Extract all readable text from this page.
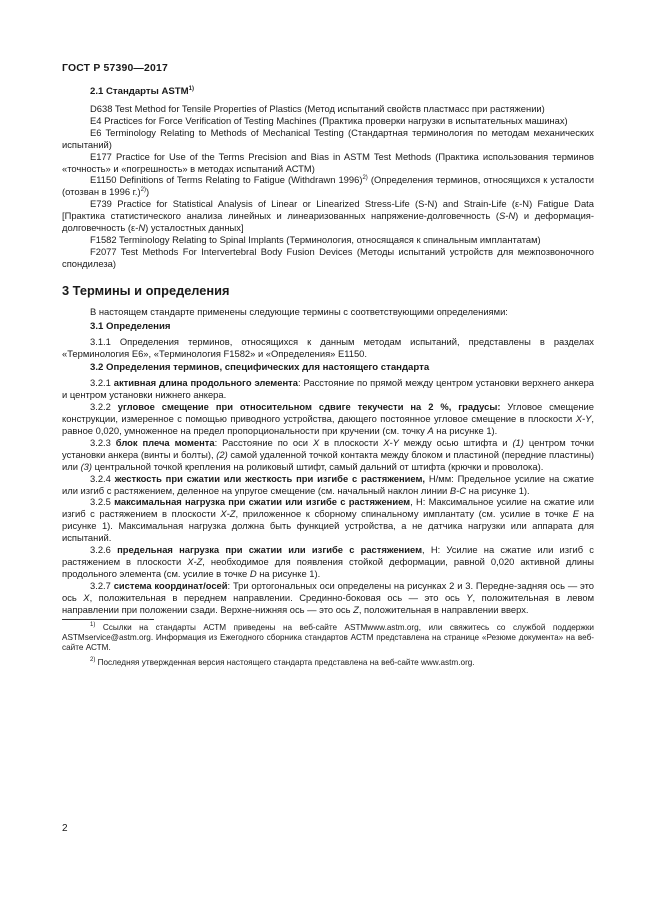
ГОСТ Р 57390—2017

2.1 Стандарты ASTM$^{1)}$

D638 Test Method for Tensile Properties of Plastics (Метод испытаний свойств пластмасс при растяжении)

E4 Practices for Force Verification of Testing Machines (Практика проверки нагрузки в испытательных машинах)

E6 Terminology Relating to Methods of Mechanical Testing (Стандартная терминология по методам механических испытаний)

E177 Practice for Use of the Terms Precision and Bias in ASTM Test Methods (Практика использования терминов «точность» и «погрешность» в методах испытаний АСТМ)

E1150 Definitions of Terms Relating to Fatigue (Withdrawn 1996)$^{2)}$ (Определения терминов, относящихся к усталости (отозван в 1996 г.)$^{2)}$)

E739 Practice for Statistical Analysis of Linear or Linearized Stress-Life (S-N) and Strain-Life (ε-N) Fatigue Data [Практика статистического анализа линейных и линеаризованных напряжение-долговечность (S-N) и деформация-долговечность (ε-N) усталостных данных]

F1582 Terminology Relating to Spinal Implants (Терминология, относящаяся к спинальным имплантатам)

F2077 Test Methods For Intervertebral Body Fusion Devices (Методы испытаний устройств для межпозвоночного спондилеза)

3 Термины и определения

В настоящем стандарте применены следующие термины с соответствующими определениями:

3.1 Определения

3.1.1 Определения терминов, относящихся к данным методам испытаний, представлены в разделах «Терминология E6», «Терминология F1582» и «Определения» E1150.

3.2 Определения терминов, специфических для настоящего стандарта

3.2.1 активная длина продольного элемента: Расстояние по прямой между центром установки верхнего анкера и центром установки нижнего анкера.

3.2.2 угловое смещение при относительном сдвиге текучести на 2 %, градусы: Угловое смещение конструкции, измеренное с помощью приводного устройства, дающего постоянное угловое смещение в плоскости X-Y, равное 0,020, умноженное на предел пропорциональности при кручении (см. точку A на рисунке 1).

3.2.3 блок плеча момента: Расстояние по оси X в плоскости X-Y между осью штифта и (1) центром точки установки анкера (винты и болты), (2) самой удаленной точкой контакта между блоком и пластиной (передние пластины) или (3) центральной точкой крепления на роликовый штифт, самый дальний от штифта (крючки и проволока).

3.2.4 жесткость при сжатии или жесткость при изгибе с растяжением, Н/мм: Предельное усилие на сжатие или изгиб с растяжением, деленное на упругое смещение (см. начальный наклон линии B-C на рисунке 1).

3.2.5 максимальная нагрузка при сжатии или изгибе с растяжением, Н: Максимальное усилие на сжатие или изгиб с растяжением в плоскости X-Z, приложенное к сборному спинальному имплантату (см. усилие в точке E на рисунке 1). Максимальная нагрузка должна быть функцией устройства, а не датчика нагрузки или аппарата для испытаний.

3.2.6 предельная нагрузка при сжатии или изгибе с растяжением, Н: Усилие на сжатие или изгиб с растяжением в плоскости X-Z, необходимое для появления стойкой деформации, равной 0,020 активной длины продольного элемента (см. усилие в точке D на рисунке 1).

3.2.7 система координат/осей: Три ортогональных оси определены на рисунках 2 и 3. Передне-задняя ось — это ось X, положительная в переднем направлении. Срединно-боковая ось — это ось Y, положительная в левом направлении при положении сзади. Верхне-нижняя ось — это ось Z, положительная в направлении вверх.

$^{1)}$ Ссылки на стандарты АСТМ приведены на веб-сайте ASTMwww.astm.org, или свяжитесь со службой поддержки ASTMservice@astm.org. Информация из Ежегодного сборника стандартов АСТМ представлена на странице «Резюме документа» на веб-сайте АСТМ.

$^{2)}$ Последняя утвержденная версия настоящего стандарта представлена на веб-сайте www.astm.org.

2
